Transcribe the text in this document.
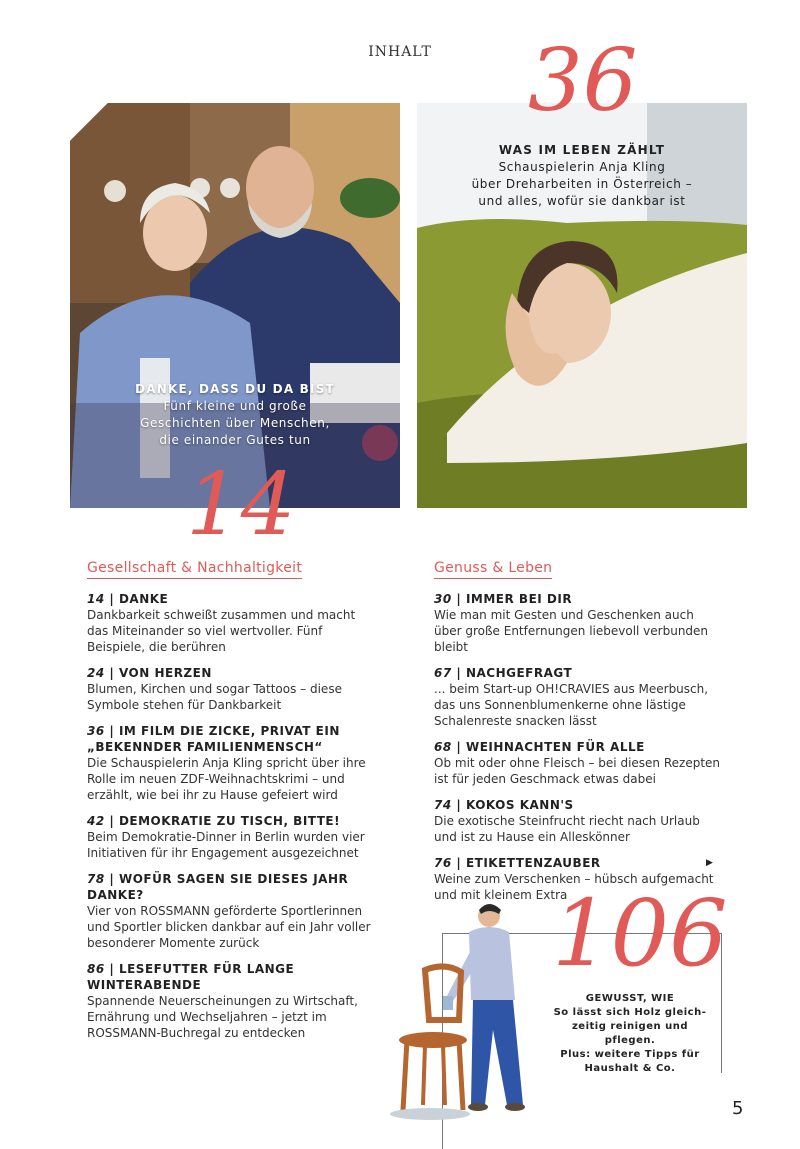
INHALT
DANKE, DASS DU DA BIST
Fünf kleine und große
Geschichten über Menschen,
die einander Gutes tun
14
36
WAS IM LEBEN ZÄHLT
Schauspielerin Anja Kling
über Dreharbeiten in Österreich –
und alles, wofür sie dankbar ist
Gesellschaft & Nachhaltigkeit
14 | DANKE
Dankbarkeit schweißt zusammen und macht das Miteinander so viel wertvoller. Fünf Beispiele, die berühren
24 | VON HERZEN
Blumen, Kirchen und sogar Tattoos – diese Symbole stehen für Dankbarkeit
36 | IM FILM DIE ZICKE, PRIVAT EIN „BEKENNDER FAMILIENMENSCH“
Die Schauspielerin Anja Kling spricht über ihre Rolle im neuen ZDF-Weihnachtskrimi – und erzählt, wie bei ihr zu Hause gefeiert wird
42 | DEMOKRATIE ZU TISCH, BITTE!
Beim Demokratie-Dinner in Berlin wurden vier Initiativen für ihr Engagement ausgezeichnet
78 | WOFÜR SAGEN SIE DIESES JAHR DANKE?
Vier von ROSSMANN geförderte Sportlerinnen und Sportler blicken dankbar auf ein Jahr voller besonderer Momente zurück
86 | LESEFUTTER FÜR LANGE WINTERABENDE
Spannende Neuerscheinungen zu Wirtschaft, Ernährung und Wechseljahren – jetzt im ROSSMANN-Buchregal zu entdecken
Genuss & Leben
30 | IMMER BEI DIR
Wie man mit Gesten und Geschenken auch über große Entfernungen liebevoll verbunden bleibt
67 | NACHGEFRAGT
... beim Start-up OH!CRAVIES aus Meerbusch, das uns Sonnenblumenkerne ohne lästige Schalenreste snacken lässt
68 | WEIHNACHTEN FÜR ALLE
Ob mit oder ohne Fleisch – bei diesen Rezepten ist für jeden Geschmack etwas dabei
74 | KOKOS KANN'S
Die exotische Steinfrucht riecht nach Urlaub und ist zu Hause ein Alleskönner
76 | ETIKETTENZAUBER
Weine zum Verschenken – hübsch aufgemacht und mit kleinem Extra
▶
106
GEWUSST, WIE
So lässt sich Holz gleich-
zeitig reinigen und pflegen.
Plus: weitere Tipps für
Haushalt & Co.
5
